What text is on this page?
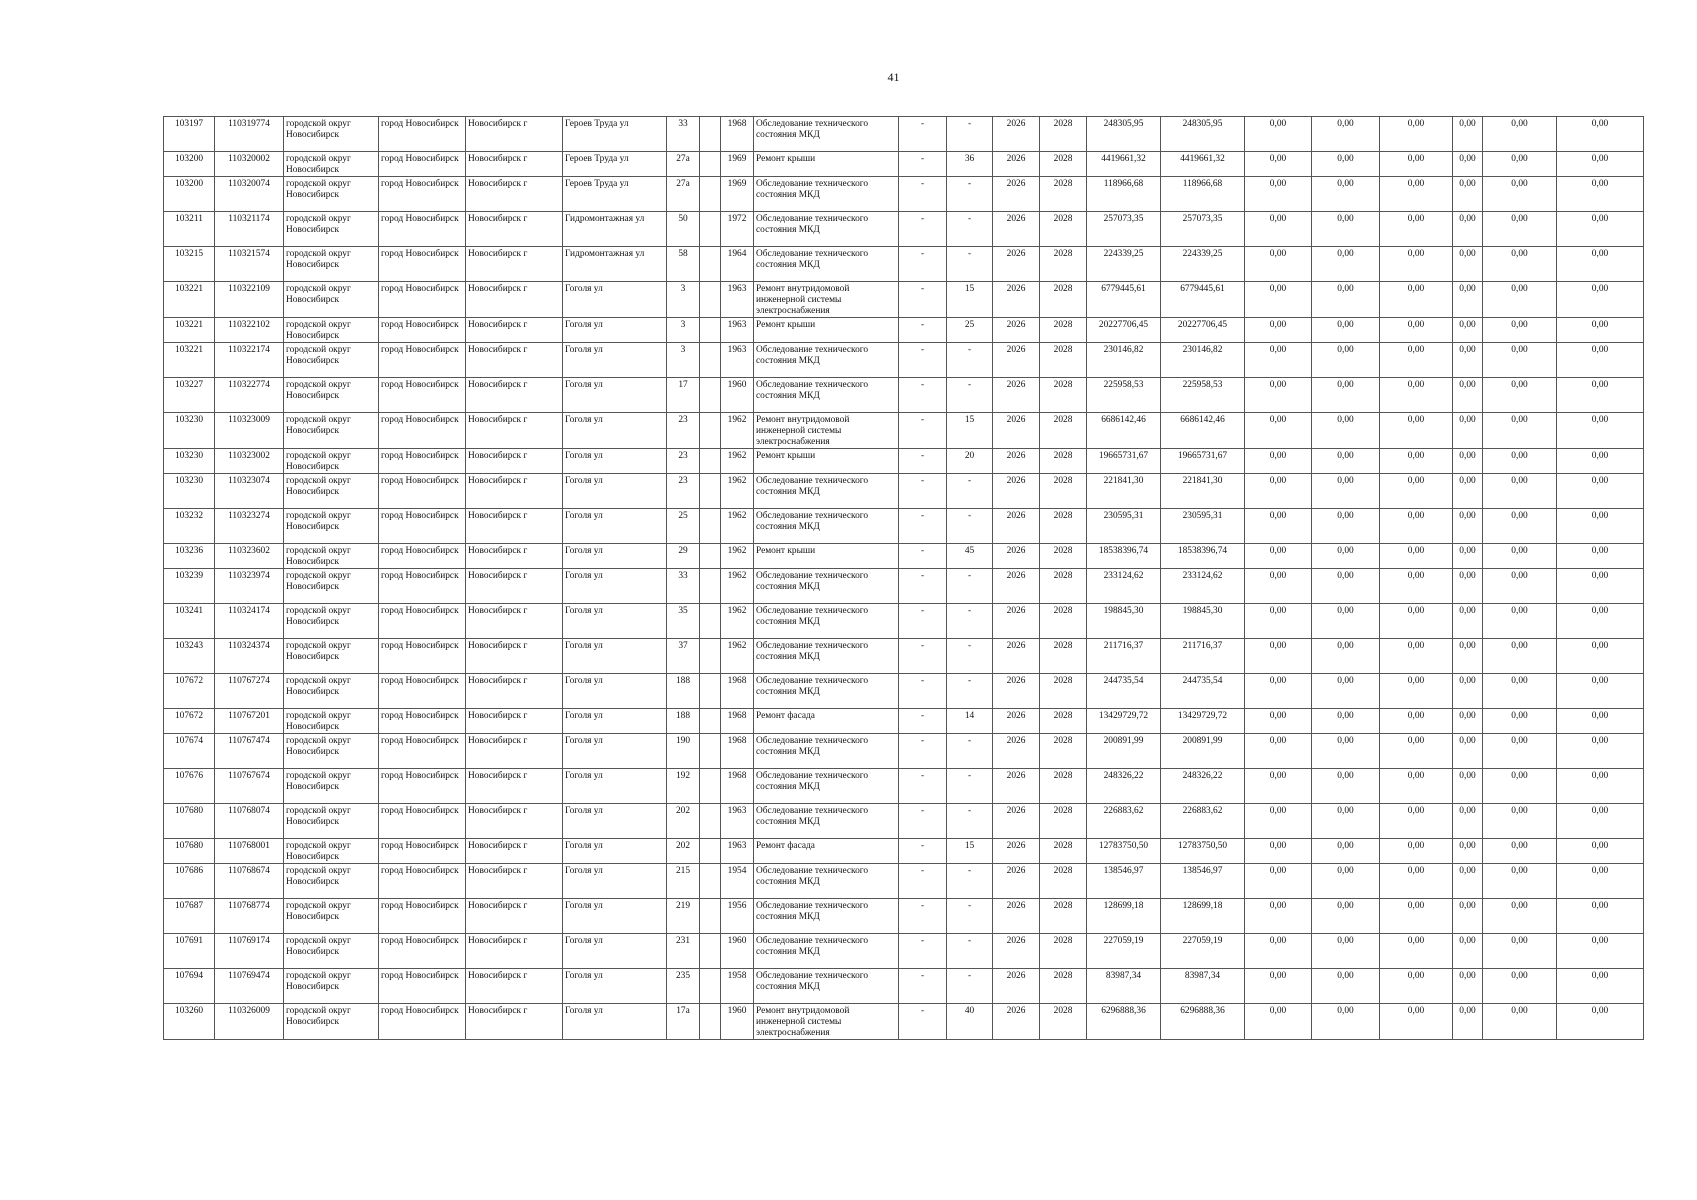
41
103197	110319774	городской округ Новосибирск	город Новосибирск	Новосибирск г	Героев Труда ул	33		1968	Обследование технического состояния МКД	-	-	2026	2028	248305,95	248305,95	0,00	0,00	0,00	0,00	0,00	0,00
103200	110320002	городской округ Новосибирск	город Новосибирск	Новосибирск г	Героев Труда ул	27а		1969	Ремонт крыши	-	36	2026	2028	4419661,32	4419661,32	0,00	0,00	0,00	0,00	0,00	0,00
103200	110320074	городской округ Новосибирск	город Новосибирск	Новосибирск г	Героев Труда ул	27а		1969	Обследование технического состояния МКД	-	-	2026	2028	118966,68	118966,68	0,00	0,00	0,00	0,00	0,00	0,00
103211	110321174	городской округ Новосибирск	город Новосибирск	Новосибирск г	Гидромонтажная ул	50		1972	Обследование технического состояния МКД	-	-	2026	2028	257073,35	257073,35	0,00	0,00	0,00	0,00	0,00	0,00
103215	110321574	городской округ Новосибирск	город Новосибирск	Новосибирск г	Гидромонтажная ул	58		1964	Обследование технического состояния МКД	-	-	2026	2028	224339,25	224339,25	0,00	0,00	0,00	0,00	0,00	0,00
103221	110322109	городской округ Новосибирск	город Новосибирск	Новосибирск г	Гоголя ул	3		1963	Ремонт внутридомовой инженерной системы электроснабжения	-	15	2026	2028	6779445,61	6779445,61	0,00	0,00	0,00	0,00	0,00	0,00
103221	110322102	городской округ Новосибирск	город Новосибирск	Новосибирск г	Гоголя ул	3		1963	Ремонт крыши	-	25	2026	2028	20227706,45	20227706,45	0,00	0,00	0,00	0,00	0,00	0,00
103221	110322174	городской округ Новосибирск	город Новосибирск	Новосибирск г	Гоголя ул	3		1963	Обследование технического состояния МКД	-	-	2026	2028	230146,82	230146,82	0,00	0,00	0,00	0,00	0,00	0,00
103227	110322774	городской округ Новосибирск	город Новосибирск	Новосибирск г	Гоголя ул	17		1960	Обследование технического состояния МКД	-	-	2026	2028	225958,53	225958,53	0,00	0,00	0,00	0,00	0,00	0,00
103230	110323009	городской округ Новосибирск	город Новосибирск	Новосибирск г	Гоголя ул	23		1962	Ремонт внутридомовой инженерной системы электроснабжения	-	15	2026	2028	6686142,46	6686142,46	0,00	0,00	0,00	0,00	0,00	0,00
103230	110323002	городской округ Новосибирск	город Новосибирск	Новосибирск г	Гоголя ул	23		1962	Ремонт крыши	-	20	2026	2028	19665731,67	19665731,67	0,00	0,00	0,00	0,00	0,00	0,00
103230	110323074	городской округ Новосибирск	город Новосибирск	Новосибирск г	Гоголя ул	23		1962	Обследование технического состояния МКД	-	-	2026	2028	221841,30	221841,30	0,00	0,00	0,00	0,00	0,00	0,00
103232	110323274	городской округ Новосибирск	город Новосибирск	Новосибирск г	Гоголя ул	25		1962	Обследование технического состояния МКД	-	-	2026	2028	230595,31	230595,31	0,00	0,00	0,00	0,00	0,00	0,00
103236	110323602	городской округ Новосибирск	город Новосибирск	Новосибирск г	Гоголя ул	29		1962	Ремонт крыши	-	45	2026	2028	18538396,74	18538396,74	0,00	0,00	0,00	0,00	0,00	0,00
103239	110323974	городской округ Новосибирск	город Новосибирск	Новосибирск г	Гоголя ул	33		1962	Обследование технического состояния МКД	-	-	2026	2028	233124,62	233124,62	0,00	0,00	0,00	0,00	0,00	0,00
103241	110324174	городской округ Новосибирск	город Новосибирск	Новосибирск г	Гоголя ул	35		1962	Обследование технического состояния МКД	-	-	2026	2028	198845,30	198845,30	0,00	0,00	0,00	0,00	0,00	0,00
103243	110324374	городской округ Новосибирск	город Новосибирск	Новосибирск г	Гоголя ул	37		1962	Обследование технического состояния МКД	-	-	2026	2028	211716,37	211716,37	0,00	0,00	0,00	0,00	0,00	0,00
107672	110767274	городской округ Новосибирск	город Новосибирск	Новосибирск г	Гоголя ул	188		1968	Обследование технического состояния МКД	-	-	2026	2028	244735,54	244735,54	0,00	0,00	0,00	0,00	0,00	0,00
107672	110767201	городской округ Новосибирск	город Новосибирск	Новосибирск г	Гоголя ул	188		1968	Ремонт фасада	-	14	2026	2028	13429729,72	13429729,72	0,00	0,00	0,00	0,00	0,00	0,00
107674	110767474	городской округ Новосибирск	город Новосибирск	Новосибирск г	Гоголя ул	190		1968	Обследование технического состояния МКД	-	-	2026	2028	200891,99	200891,99	0,00	0,00	0,00	0,00	0,00	0,00
107676	110767674	городской округ Новосибирск	город Новосибирск	Новосибирск г	Гоголя ул	192		1968	Обследование технического состояния МКД	-	-	2026	2028	248326,22	248326,22	0,00	0,00	0,00	0,00	0,00	0,00
107680	110768074	городской округ Новосибирск	город Новосибирск	Новосибирск г	Гоголя ул	202		1963	Обследование технического состояния МКД	-	-	2026	2028	226883,62	226883,62	0,00	0,00	0,00	0,00	0,00	0,00
107680	110768001	городской округ Новосибирск	город Новосибирск	Новосибирск г	Гоголя ул	202		1963	Ремонт фасада	-	15	2026	2028	12783750,50	12783750,50	0,00	0,00	0,00	0,00	0,00	0,00
107686	110768674	городской округ Новосибирск	город Новосибирск	Новосибирск г	Гоголя ул	215		1954	Обследование технического состояния МКД	-	-	2026	2028	138546,97	138546,97	0,00	0,00	0,00	0,00	0,00	0,00
107687	110768774	городской округ Новосибирск	город Новосибирск	Новосибирск г	Гоголя ул	219		1956	Обследование технического состояния МКД	-	-	2026	2028	128699,18	128699,18	0,00	0,00	0,00	0,00	0,00	0,00
107691	110769174	городской округ Новосибирск	город Новосибирск	Новосибирск г	Гоголя ул	231		1960	Обследование технического состояния МКД	-	-	2026	2028	227059,19	227059,19	0,00	0,00	0,00	0,00	0,00	0,00
107694	110769474	городской округ Новосибирск	город Новосибирск	Новосибирск г	Гоголя ул	235		1958	Обследование технического состояния МКД	-	-	2026	2028	83987,34	83987,34	0,00	0,00	0,00	0,00	0,00	0,00
103260	110326009	городской округ Новосибирск	город Новосибирск	Новосибирск г	Гоголя ул	17а		1960	Ремонт внутридомовой инженерной системы электроснабжения	-	40	2026	2028	6296888,36	6296888,36	0,00	0,00	0,00	0,00	0,00	0,00
